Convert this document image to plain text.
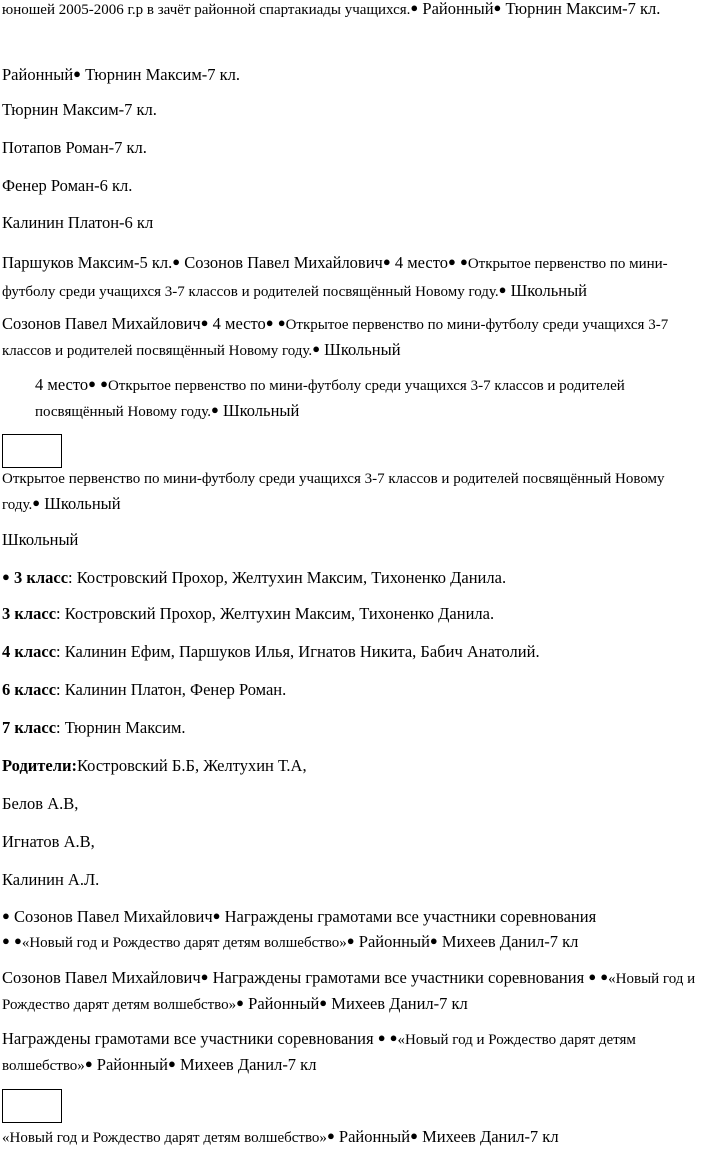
юношей 2005-2006 г.р в зачёт районной спартакиады учащихся.● Районный● Тюрнин Максим-7 кл.

Районный● Тюрнин Максим-7 кл.

Тюрнин Максим-7 кл.

Потапов Роман-7 кл.

Фенер Роман-6 кл.

Калинин Платон-6 кл

Паршуков Максим-5 кл.● Созонов Павел Михайлович● 4 место● ●Открытое первенство по мини-футболу среди учащихся 3-7 классов и родителей посвящённый Новому году.● Школьный

Созонов Павел Михайлович● 4 место● ●Открытое первенство по мини-футболу среди учащихся 3-7 классов и родителей посвящённый Новому году.● Школьный

4 место● ●Открытое первенство по мини-футболу среди учащихся 3-7 классов и родителей посвящённый Новому году.● Школьный

Открытое первенство по мини-футболу среди учащихся 3-7 классов и родителей посвящённый Новому году.● Школьный

Школьный

● 3 класс: Костровский Прохор, Желтухин Максим, Тихоненко Данила.

3 класс: Костровский Прохор, Желтухин Максим, Тихоненко Данила.

4 класс: Калинин Ефим, Паршуков Илья, Игнатов Никита, Бабич Анатолий.

6 класс: Калинин Платон, Фенер Роман.

7 класс: Тюрнин Максим.

Родители:Костровский Б.Б, Желтухин Т.А,

Белов А.В,

Игнатов А.В,

Калинин А.Л.

● Созонов Павел Михайлович● Награждены грамотами все участники соревнования
● ●«Новый год и Рождество дарят детям волшебство»● Районный● Михеев Данил-7 кл

Созонов Павел Михайлович● Награждены грамотами все участники соревнования ● ●«Новый год и Рождество дарят детям волшебство»● Районный● Михеев Данил-7 кл

Награждены грамотами все участники соревнования ● ●«Новый год и Рождество дарят детям волшебство»● Районный● Михеев Данил-7 кл

«Новый год и Рождество дарят детям волшебство»● Районный● Михеев Данил-7 кл
